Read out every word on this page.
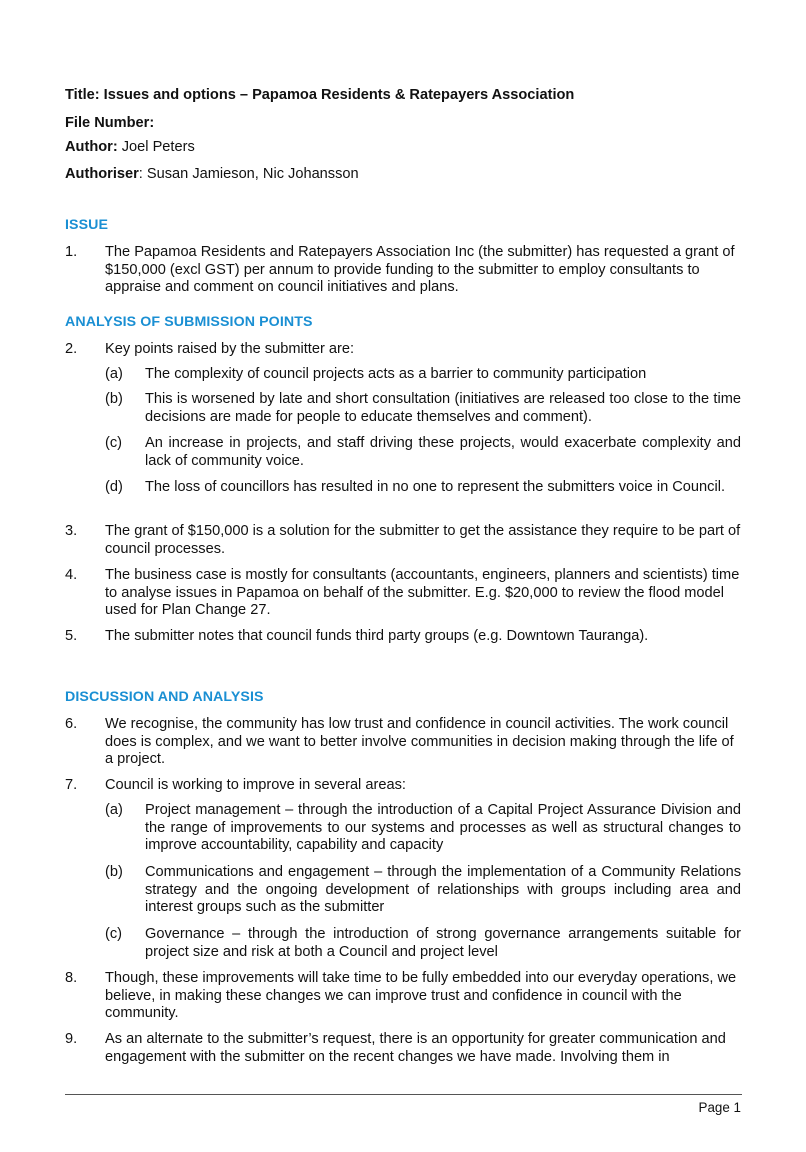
Title: Issues and options – Papamoa Residents & Ratepayers Association
File Number:
Author: Joel Peters
Authoriser: Susan Jamieson, Nic Johansson
ISSUE
1.	The Papamoa Residents and Ratepayers Association Inc (the submitter) has requested a grant of $150,000 (excl GST) per annum to provide funding to the submitter to employ consultants to appraise and comment on council initiatives and plans.
ANALYSIS OF SUBMISSION POINTS
2.	Key points raised by the submitter are:
(a)	The complexity of council projects acts as a barrier to community participation
(b)	This is worsened by late and short consultation (initiatives are released too close to the time decisions are made for people to educate themselves and comment).
(c)	An increase in projects, and staff driving these projects, would exacerbate complexity and lack of community voice.
(d)	The loss of councillors has resulted in no one to represent the submitters voice in Council.
3.	The grant of $150,000 is a solution for the submitter to get the assistance they require to be part of council processes.
4.	The business case is mostly for consultants (accountants, engineers, planners and scientists) time to analyse issues in Papamoa on behalf of the submitter. E.g. $20,000 to review the flood model used for Plan Change 27.
5.	The submitter notes that council funds third party groups (e.g. Downtown Tauranga).
DISCUSSION AND ANALYSIS
6.	We recognise, the community has low trust and confidence in council activities. The work council does is complex, and we want to better involve communities in decision making through the life of a project.
7.	Council is working to improve in several areas:
(a)	Project management – through the introduction of a Capital Project Assurance Division and the range of improvements to our systems and processes as well as structural changes to improve accountability, capability and capacity
(b)	Communications and engagement – through the implementation of a Community Relations strategy and the ongoing development of relationships with groups including area and interest groups such as the submitter
(c)	Governance – through the introduction of strong governance arrangements suitable for project size and risk at both a Council and project level
8.	Though, these improvements will take time to be fully embedded into our everyday operations, we believe, in making these changes we can improve trust and confidence in council with the community.
9.	As an alternate to the submitter’s request, there is an opportunity for greater communication and engagement with the submitter on the recent changes we have made. Involving them in
Page 1
